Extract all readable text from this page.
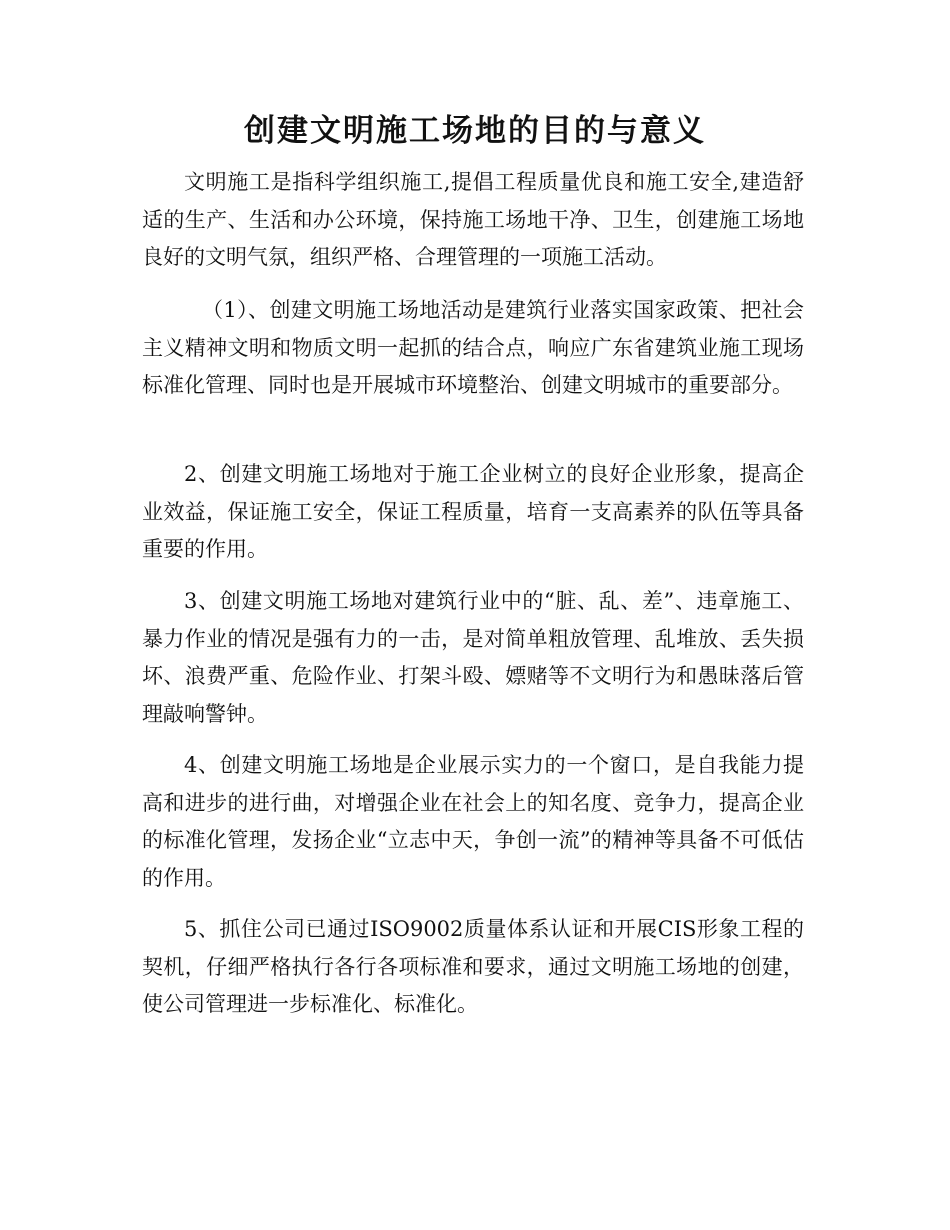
创建文明施工场地的目的与意义

文明施工是指科学组织施工,提倡工程质量优良和施工安全,建造舒适的生产、生活和办公环境，保持施工场地干净、卫生，创建施工场地良好的文明气氛，组织严格、合理管理的一项施工活动。

（1）、创建文明施工场地活动是建筑行业落实国家政策、把社会主义精神文明和物质文明一起抓的结合点，响应广东省建筑业施工现场标准化管理、同时也是开展城市环境整治、创建文明城市的重要部分。

2、创建文明施工场地对于施工企业树立的良好企业形象，提高企业效益，保证施工安全，保证工程质量，培育一支高素养的队伍等具备重要的作用。

3、创建文明施工场地对建筑行业中的“脏、乱、差”、违章施工、暴力作业的情况是强有力的一击，是对简单粗放管理、乱堆放、丢失损坏、浪费严重、危险作业、打架斗殴、嫖赌等不文明行为和愚昧落后管理敲响警钟。

4、创建文明施工场地是企业展示实力的一个窗口，是自我能力提高和进步的进行曲，对增强企业在社会上的知名度、竞争力，提高企业的标准化管理，发扬企业“立志中天，争创一流”的精神等具备不可低估的作用。

5、抓住公司已通过ISO9002质量体系认证和开展CIS形象工程的契机，仔细严格执行各行各项标准和要求，通过文明施工场地的创建，使公司管理进一步标准化、标准化。
